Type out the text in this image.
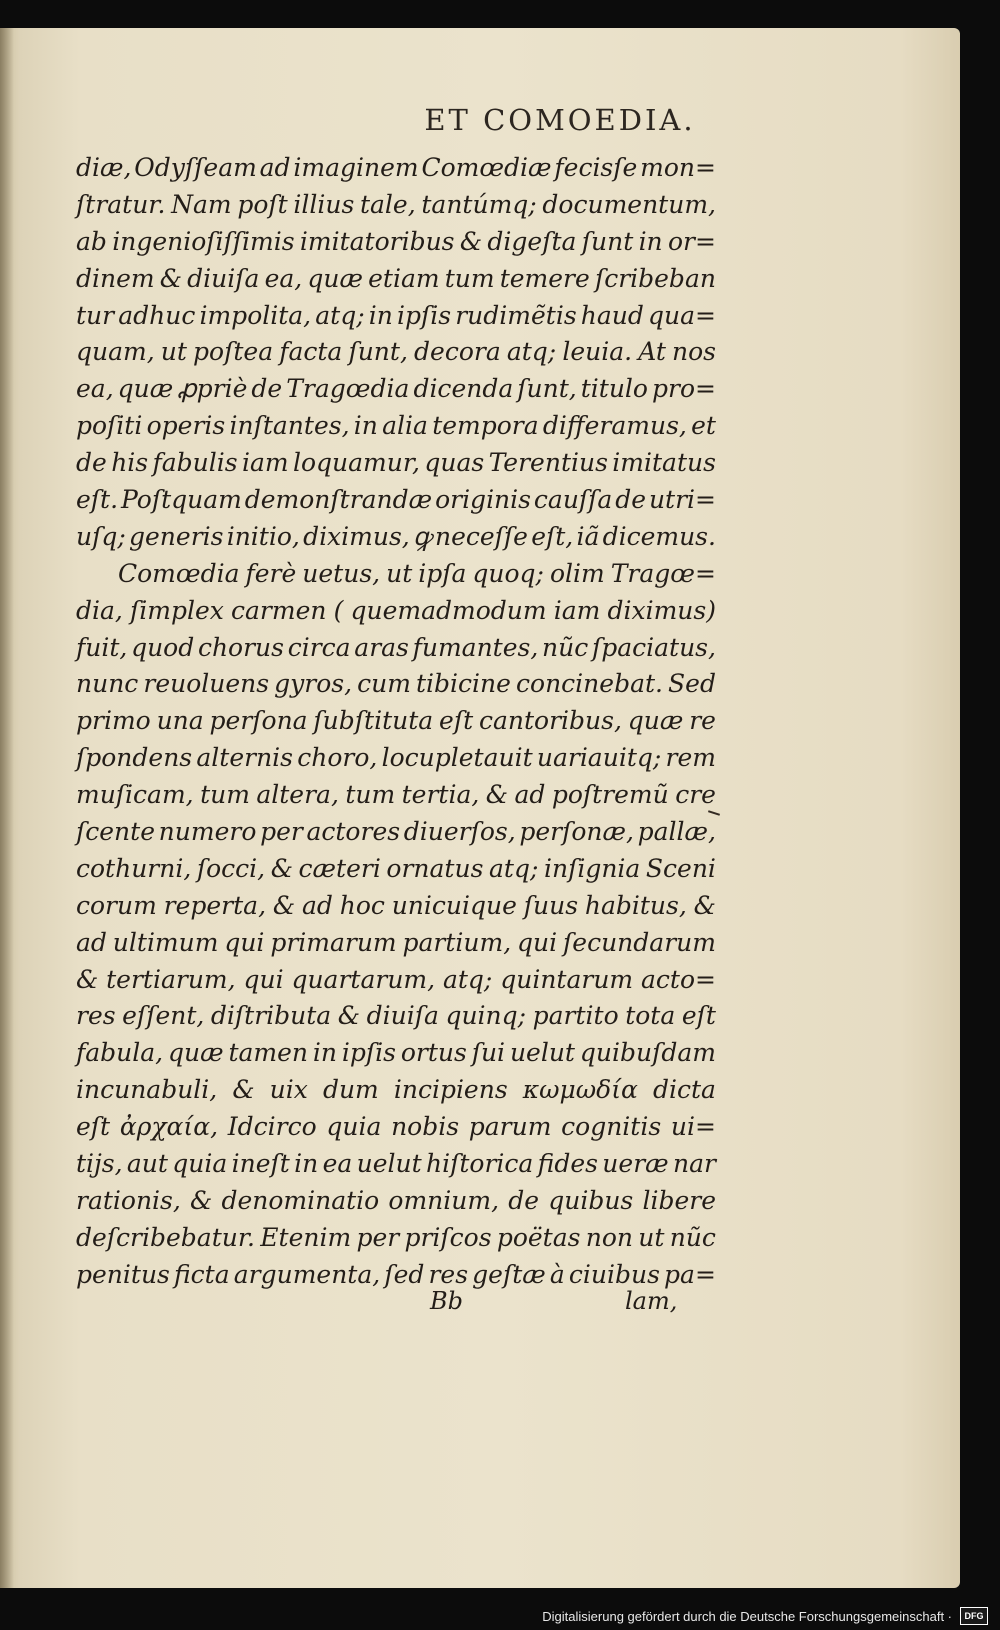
ET COMOEDIA.
diæ, Odyſſeam ad imaginem Comœdiæ fecisſe mon=
ſtratur. Nam poſt illius tale, tantúmq; documentum,
ab ingenioſiſſimis imitatoribus & digeſta ſunt in or=
dinem & diuiſa ea, quæ etiam tum temere ſcribeban
tur adhuc impolita, atq; in ipſis rudimẽtis haud qua=
quam, ut poſtea facta ſunt, decora atq; leuia. At nos
ea, quæ ꝓpriè de Tragœdia dicenda ſunt, titulo pro=
poſiti operis inſtantes, in alia tempora differamus, et
de his fabulis iam loquamur, quas Terentius imitatus
eſt. Poſtquam demonſtrandæ originis cauſſa de utri=
uſq; generis initio, diximus, ꝙ neceſſe eſt, iã dicemus.
Comœdia ferè uetus, ut ipſa quoq; olim Tragœ=
dia, ſimplex carmen ( quemadmodum iam diximus)
fuit, quod chorus circa aras fumantes, nũc ſpaciatus,
nunc reuoluens gyros, cum tibicine concinebat. Sed
primo una perſona ſubſtituta eſt cantoribus, quæ re
ſpondens alternis choro, locupletauit uariauitq; rem
muſicam, tum altera, tum tertia, & ad poſtremũ cre
ſcente numero per actores diuerſos, perſonæ, pallæ,
cothurni, ſocci, & cæteri ornatus atq; inſignia Sceni
corum reperta, & ad hoc unicuique ſuus habitus, &
ad ultimum qui primarum partium, qui ſecundarum
& tertiarum, qui quartarum, atq; quintarum acto=
res eſſent, diſtributa & diuiſa quinq; partito tota eſt
fabula, quæ tamen in ipſis ortus ſui uelut quibuſdam
incunabuli, & uix dum incipiens κωμωδία dicta
eſt ἀρχαία, Idcirco quia nobis parum cognitis ui=
tijs, aut quia ineſt in ea uelut hiſtorica fides ueræ nar
rationis, & denominatio omnium, de quibus libere
deſcribebatur. Etenim per priſcos poëtas non ut nũc
penitus ficta argumenta, ſed res geſtæ à ciuibus pa=
Bb	lam,
Digitalisierung gefördert durch die Deutsche Forschungsgemeinschaft ·	DFG
